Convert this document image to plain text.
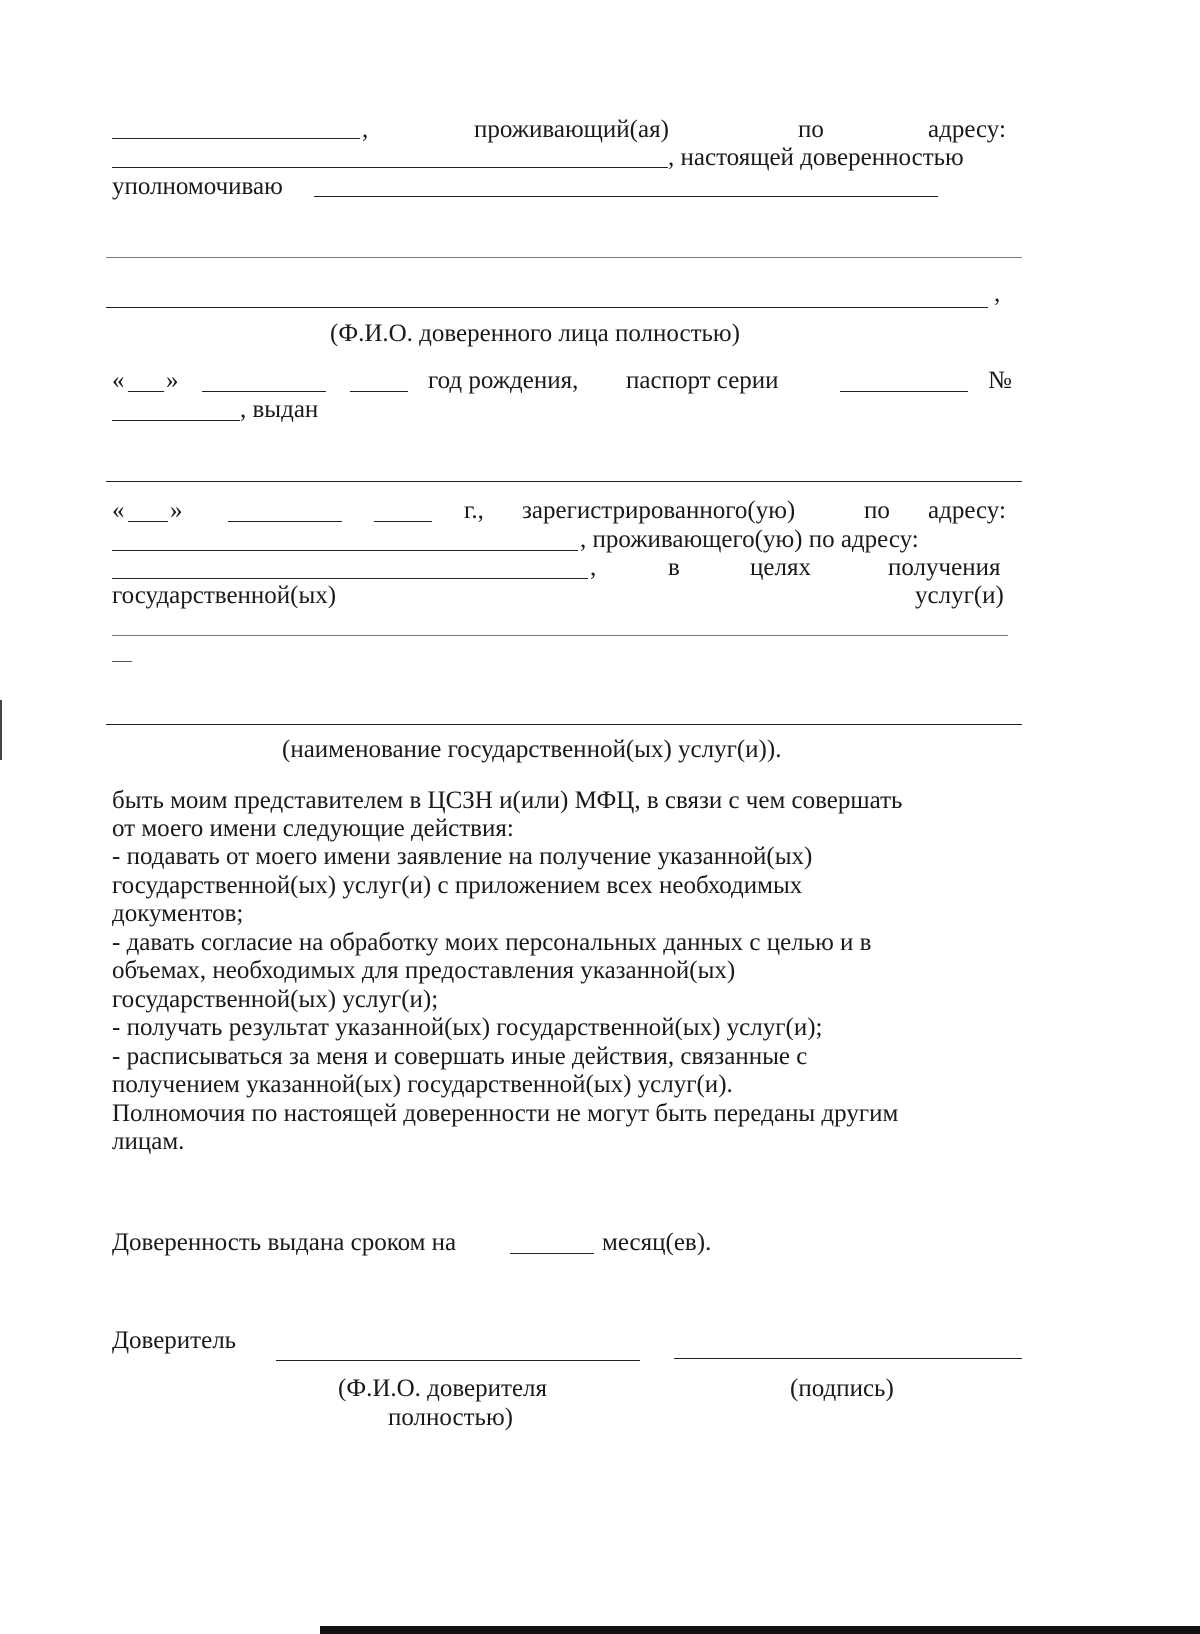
,	проживающий(ая)	по	адресу:
, настоящей доверенностью
уполномочиваю
,
(Ф.И.О. доверенного лица полностью)
« »	год рождения, паспорт серии	№
, выдан
« »	г., зарегистрированного(ую)	по адресу:
, проживающего(ую) по адресу:
,	в	целях	получения
государственной(ых)	услуг(и)
—
(наименование государственной(ых) услуг(и)).
быть моим представителем в ЦСЗН и(или) МФЦ, в связи с чем совершать
от моего имени следующие действия:
- подавать от моего имени заявление на получение указанной(ых)
государственной(ых) услуг(и) с приложением всех необходимых
документов;
- давать согласие на обработку моих персональных данных с целью и в
объемах, необходимых для предоставления указанной(ых)
государственной(ых) услуг(и);
- получать результат указанной(ых) государственной(ых) услуг(и);
- расписываться за меня и совершать иные действия, связанные с
получением указанной(ых) государственной(ых) услуг(и).
Полномочия по настоящей доверенности не могут быть переданы другим
лицам.
Доверенность выдана сроком на	месяц(ев).
Доверитель
(Ф.И.О. доверителя
полностью)
(подпись)
